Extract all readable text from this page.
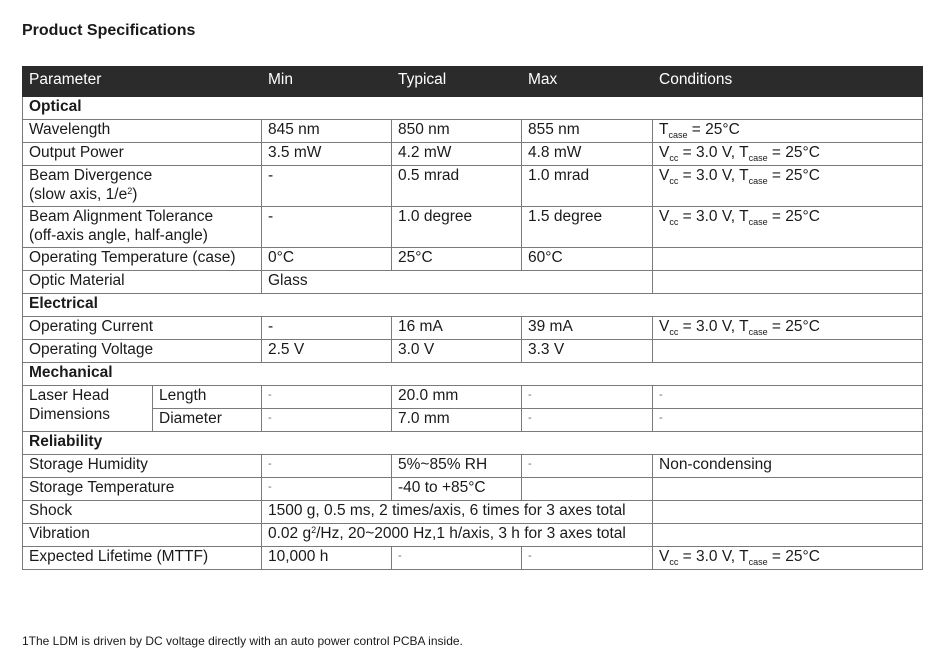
Product Specifications
Parameter		Min	Typical	Max	Conditions
Optical					
Wavelength		845 nm	850 nm	855 nm	$T_{case} = 25^\circ C$
Output Power		3.5 mW	4.2 mW	4.8 mW	$V_{cc} = 3.0$ V, $T_{case} = 25^\circ C$
Beam Divergence
(slow axis, $1/e^2$)		-	0.5 mrad	1.0 mrad	$V_{cc} = 3.0$ V, $T_{case} = 25^\circ C$
Beam Alignment Tolerance
(off-axis angle, half-angle)		-	1.0 degree	1.5 degree	$V_{cc} = 3.0$ V, $T_{case} = 25^\circ C$
Operating Temperature (case)		0°C	25°C	60°C	
Optic Material		Glass			
Electrical					
Operating Current		-	16 mA	39 mA	$V_{cc} = 3.0$ V, $T_{case} = 25^\circ C$
Operating Voltage		2.5 V	3.0 V	3.3 V	
Mechanical					
Laser Head
Dimensions	Length	-	20.0 mm	-	-
	Diameter	-	7.0 mm	-	-
Reliability					
Storage Humidity		-	5%~85% RH	-	Non-condensing
Storage Temperature		-	-40 to +85°C		
Shock		1500 g, 0.5 ms, 2 times/axis, 6 times for 3 axes total			
Vibration		0.02 $g^2/Hz$, 20~2000 Hz,1 h/axis, 3 h for 3 axes total			
Expected Lifetime (MTTF)		10,000 h	-	-	$V_{cc} = 3.0$ V, $T_{case} = 25^\circ C$
1The LDM is driven by DC voltage directly with an auto power control PCBA inside.
